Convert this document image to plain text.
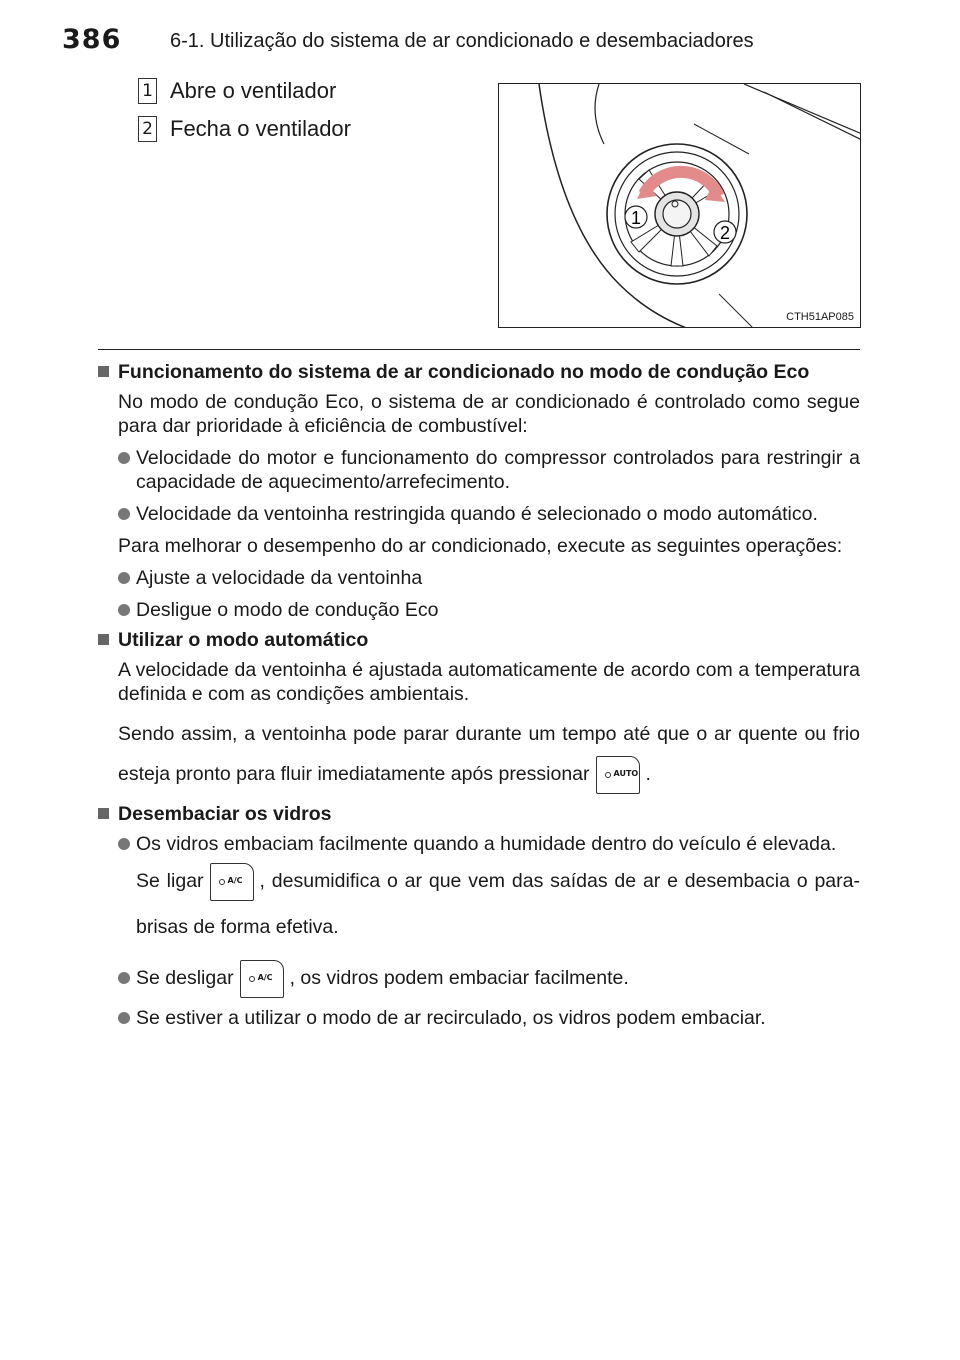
386 6-1. Utilização do sistema de ar condicionado e desembaciadores
1 Abre o ventilador
2 Fecha o ventilador
1
2
CTH51AP085
Funcionamento do sistema de ar condicionado no modo de condução Eco
No modo de condução Eco, o sistema de ar condicionado é controlado como segue para dar prioridade à eficiência de combustível:
Velocidade do motor e funcionamento do compressor controlados para restringir a capacidade de aquecimento/arrefecimento.
Velocidade da ventoinha restringida quando é selecionado o modo automático.
Para melhorar o desempenho do ar condicionado, execute as seguintes operações:
Ajuste a velocidade da ventoinha
Desligue o modo de condução Eco
Utilizar o modo automático
A velocidade da ventoinha é ajustada automaticamente de acordo com a temperatura definida e com as condições ambientais.
Sendo assim, a ventoinha pode parar durante um tempo até que o ar quente ou frio esteja pronto para fluir imediatamente após pressionar	AUTO .
Desembaciar os vidros
Os vidros embaciam facilmente quando a humidade dentro do veículo é elevada.
Se ligar	A/C , desumidifica o ar que vem das saídas de ar e desembacia o para-brisas de forma efetiva.
Se desligar	A/C , os vidros podem embaciar facilmente.
Se estiver a utilizar o modo de ar recirculado, os vidros podem embaciar.
